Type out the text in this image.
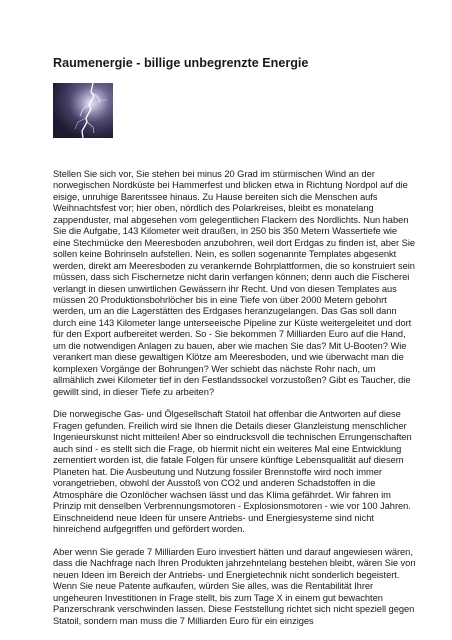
Raumenergie - billige unbegrenzte Energie

Stellen Sie sich vor, Sie stehen bei minus 20 Grad im stürmischen Wind an der norwegischen Nordküste bei Hammerfest und blicken etwa in Richtung Nordpol auf die eisige, unruhige Barentssee hinaus. Zu Hause bereiten sich die Menschen aufs Weihnachtsfest vor; hier oben, nördlich des Polarkreises, bleibt es monatelang zappenduster, mal abgesehen vom gelegentlichen Flackern des Nordlichts. Nun haben Sie die Aufgabe, 143 Kilometer weit draußen, in 250 bis 350 Metern Wassertiefe wie eine Stechmücke den Meeresboden anzubohren, weil dort Erdgas zu finden ist, aber Sie sollen keine Bohrinseln aufstellen. Nein, es sollen sogenannte Templates abgesenkt werden, direkt am Meeresboden zu verankernde Bohrplattformen, die so konstruiert sein müssen, dass sich Fischernetze nicht darin verfangen können; denn auch die Fischerei verlangt in diesen unwirtlichen Gewässern ihr Recht. Und von diesen Templates aus müssen 20 Produktionsbohrlöcher bis in eine Tiefe von über 2000 Metern gebohrt werden, um an die Lagerstätten des Erdgases heranzugelangen. Das Gas soll dann durch eine 143 Kilometer lange unterseeische Pipeline zur Küste weitergeleitet und dort für den Export aufbereitet werden. So - Sie bekommen 7 Milliarden Euro auf die Hand, um die notwendigen Anlagen zu bauen, aber wie machen Sie das? Mit U-Booten? Wie verankert man diese gewaltigen Klötze am Meeresboden, und wie überwacht man die komplexen Vorgänge der Bohrungen? Wer schiebt das nächste Rohr nach, um allmählich zwei Kilometer tief in den Festlandssockel vorzustoßen? Gibt es Taucher, die gewillt sind, in dieser Tiefe zu arbeiten?

Die norwegische Gas- und Ölgesellschaft Statoil hat offenbar die Antworten auf diese Fragen gefunden. Freilich wird sie Ihnen die Details dieser Glanzleistung menschlicher Ingenieurskunst nicht mitteilen! Aber so eindrucksvoll die technischen Errungenschaften auch sind - es stellt sich die Frage, ob hiermit nicht ein weiteres Mal eine Entwicklung zementiert worden ist, die fatale Folgen für unsere künftige Lebensqualität auf diesem Planeten hat. Die Ausbeutung und Nutzung fossiler Brennstoffe wird noch immer vorangetrieben, obwohl der Ausstoß von CO2 und anderen Schadstoffen in die Atmosphäre die Ozonlöcher wachsen lässt und das Klima gefährdet. Wir fahren im Prinzip mit denselben Verbrennungsmotoren - Explosionsmotoren - wie vor 100 Jahren. Einschneidend neue Ideen für unsere Antriebs- und Energiesysteme sind nicht hinreichend aufgegriffen und gefördert worden.

Aber wenn Sie gerade 7 Milliarden Euro investiert hätten und darauf angewiesen wären, dass die Nachfrage nach Ihren Produkten jahrzehntelang bestehen bleibt, wären Sie von neuen Ideen im Bereich der Antriebs- und Energietechnik nicht sonderlich begeistert. Wenn Sie neue Patente aufkaufen, würden Sie alles, was die Rentabilität Ihrer ungeheuren Investitionen in Frage stellt, bis zum Tage X in einem gut bewachten Panzerschrank verschwinden lassen. Diese Feststellung richtet sich nicht speziell gegen Statoil, sondern man muss die 7 Milliarden Euro für ein einziges
